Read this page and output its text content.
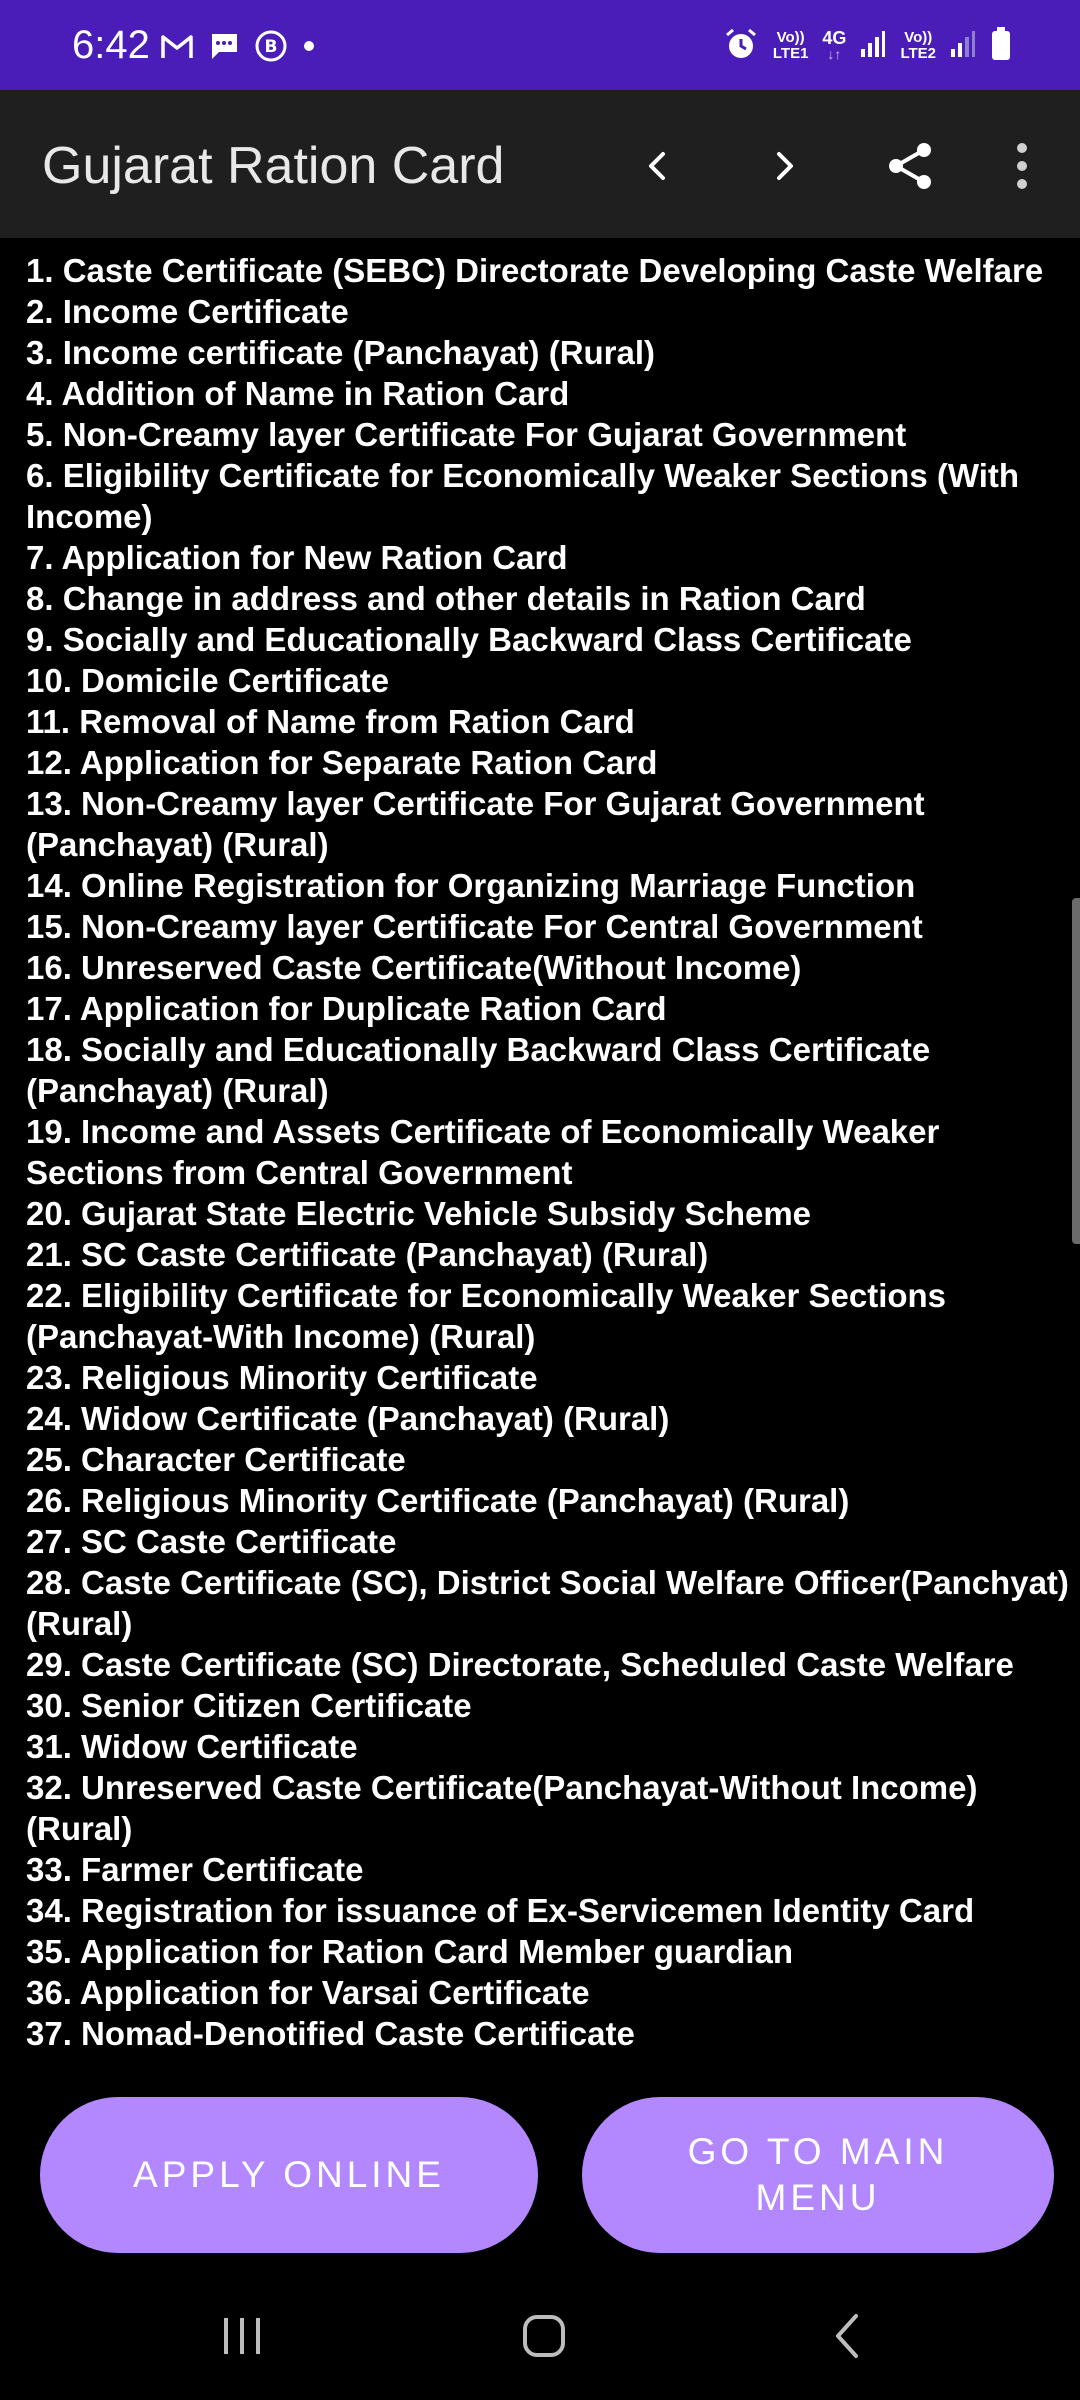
6:42	B	Vo))
LTE1
4G
↓↑
Vo))
LTE2
Gujarat Ration Card
1. Caste Certificate (SEBC) Directorate Developing Caste Welfare
2. Income Certificate
3. Income certificate (Panchayat) (Rural)
4. Addition of Name in Ration Card
5. Non-Creamy layer Certificate For Gujarat Government
6. Eligibility Certificate for Economically Weaker Sections (With Income)
7. Application for New Ration Card
8. Change in address and other details in Ration Card
9. Socially and Educationally Backward Class Certificate
10. Domicile Certificate
11. Removal of Name from Ration Card
12. Application for Separate Ration Card
13. Non-Creamy layer Certificate For Gujarat Government (Panchayat) (Rural)
14. Online Registration for Organizing Marriage Function
15. Non-Creamy layer Certificate For Central Government
16. Unreserved Caste Certificate(Without Income)
17. Application for Duplicate Ration Card
18. Socially and Educationally Backward Class Certificate (Panchayat) (Rural)
19. Income and Assets Certificate of Economically Weaker Sections from Central Government
20. Gujarat State Electric Vehicle Subsidy Scheme
21. SC Caste Certificate (Panchayat) (Rural)
22. Eligibility Certificate for Economically Weaker Sections (Panchayat-With Income) (Rural)
23. Religious Minority Certificate
24. Widow Certificate (Panchayat) (Rural)
25. Character Certificate
26. Religious Minority Certificate (Panchayat) (Rural)
27. SC Caste Certificate
28. Caste Certificate (SC), District Social Welfare Officer(Panchyat) (Rural)
29. Caste Certificate (SC) Directorate, Scheduled Caste Welfare
30. Senior Citizen Certificate
31. Widow Certificate
32. Unreserved Caste Certificate(Panchayat-Without Income) (Rural)
33. Farmer Certificate
34. Registration for issuance of Ex-Servicemen Identity Card
35. Application for Ration Card Member guardian
36. Application for Varsai Certificate
37. Nomad-Denotified Caste Certificate
APPLY ONLINE
GO TO MAIN MENU
